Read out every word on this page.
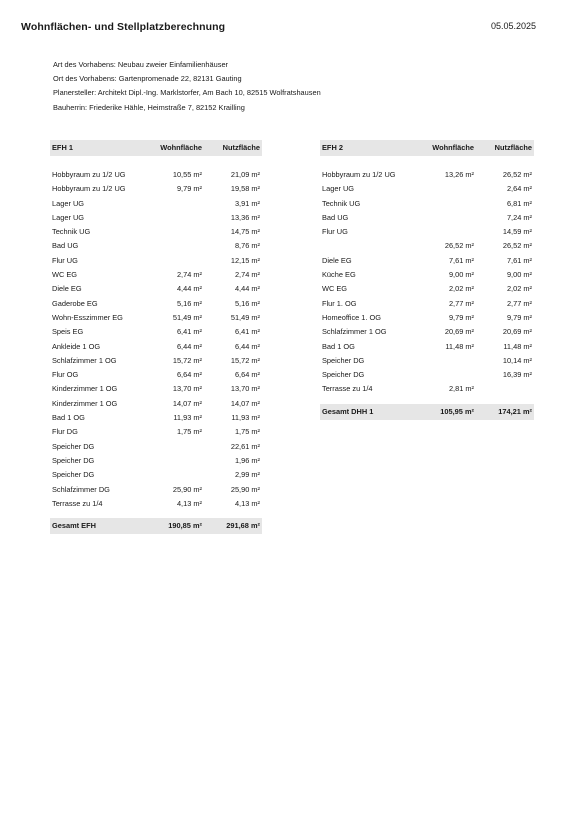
Wohnflächen- und Stellplatzberechnung	05.05.2025
Art des Vorhabens: Neubau zweier Einfamilienhäuser
Ort des Vorhabens: Gartenpromenade 22, 82131 Gauting
Planersteller: Architekt Dipl.-Ing. Marklstorfer, Am Bach 10, 82515 Wolfratshausen
Bauherrin: Friederike Hähle, Heimstraße 7, 82152 Krailling
EFH 1	Wohnfläche	Nutzfläche

Hobbyraum zu 1/2 UG	10,55 m²	21,09 m²
Hobbyraum zu 1/2 UG	9,79 m²	19,58 m²
Lager UG		3,91 m²
Lager UG		13,36 m²
Technik UG		14,75 m²
Bad UG		8,76 m²
Flur UG		12,15 m²
WC EG	2,74 m²	2,74 m²
Diele EG	4,44 m²	4,44 m²
Gaderobe EG	5,16 m²	5,16 m²
Wohn-Esszimmer EG	51,49 m²	51,49 m²
Speis EG	6,41 m²	6,41 m²
Ankleide 1 OG	6,44 m²	6,44 m²
Schlafzimmer 1 OG	15,72 m²	15,72 m²
Flur OG	6,64 m²	6,64 m²
Kinderzimmer 1 OG	13,70 m²	13,70 m²
Kinderzimmer 1 OG	14,07 m²	14,07 m²
Bad 1 OG	11,93 m²	11,93 m²
Flur DG	1,75 m²	1,75 m²
Speicher DG		22,61 m²
Speicher DG		1,96 m²
Speicher DG		2,99 m²
Schlafzimmer DG	25,90 m²	25,90 m²
Terrasse zu 1/4	4,13 m²	4,13 m²

Gesamt EFH	190,85 m²	291,68 m²
EFH 2	Wohnfläche	Nutzfläche

Hobbyraum zu 1/2 UG	13,26 m²	26,52 m²
Lager UG		2,64 m²
Technik UG		6,81 m²
Bad UG		7,24 m²
Flur UG		14,59 m²
	26,52 m²	26,52 m²
Diele EG	7,61 m²	7,61 m²
Küche EG	9,00 m²	9,00 m²
WC EG	2,02 m²	2,02 m²
Flur 1. OG	2,77 m²	2,77 m²
Homeoffice 1. OG	9,79 m²	9,79 m²
Schlafzimmer 1 OG	20,69 m²	20,69 m²
Bad 1 OG	11,48 m²	11,48 m²
Speicher DG		10,14 m²
Speicher DG		16,39 m²
Terrasse zu 1/4	2,81 m²	

Gesamt DHH 1	105,95 m²	174,21 m²
